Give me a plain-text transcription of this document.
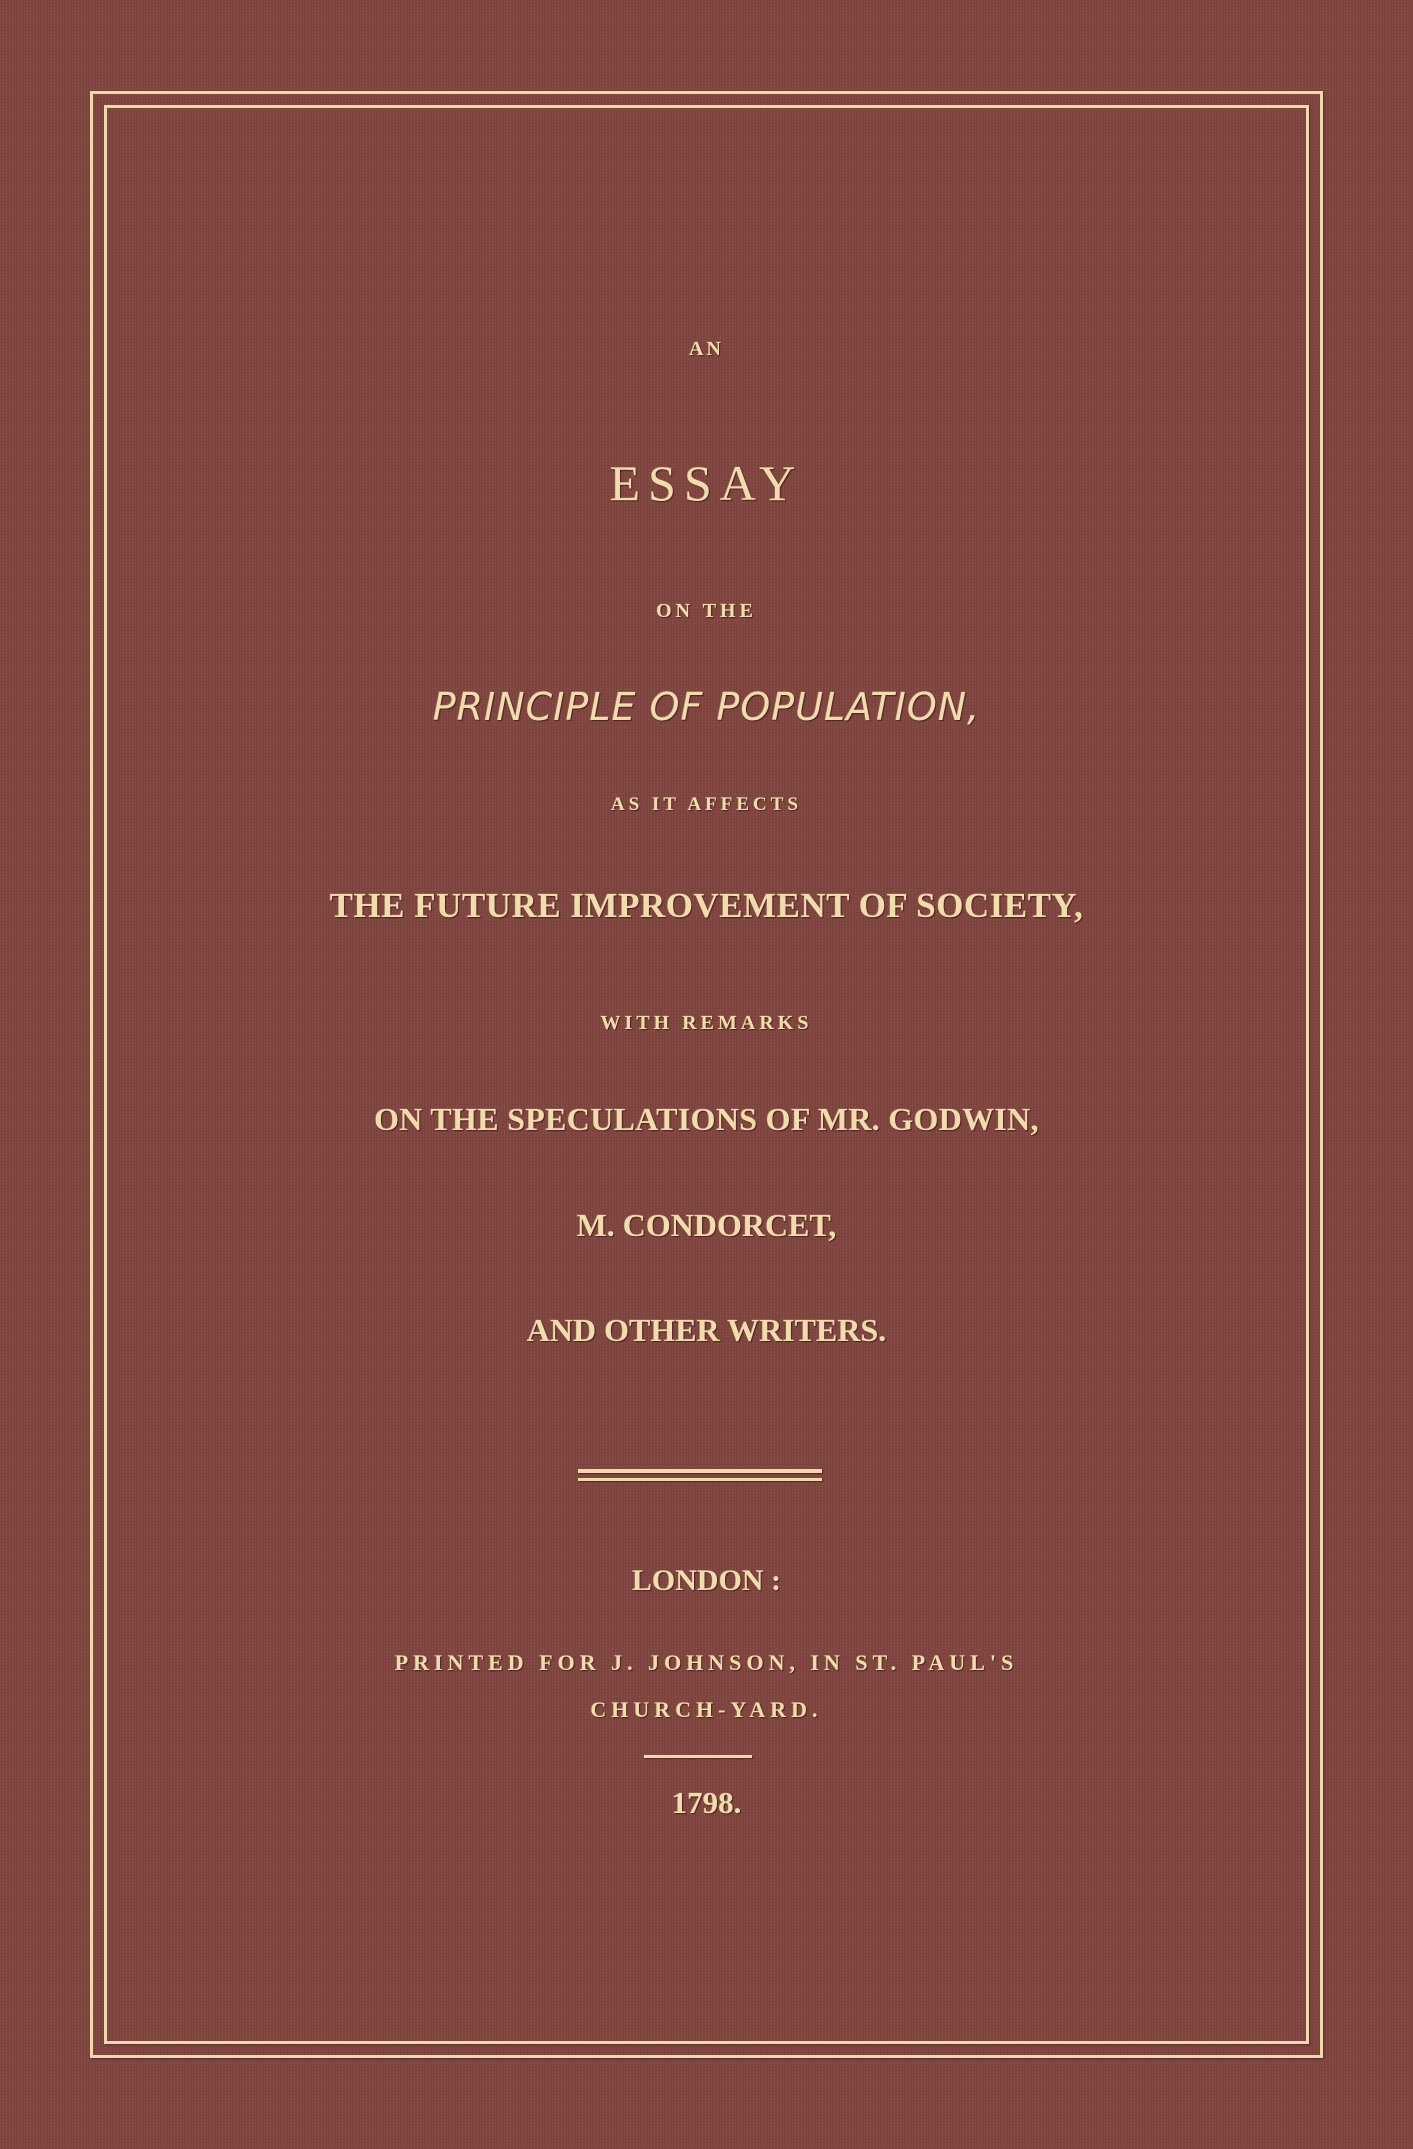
AN
ESSAY
ON THE
PRINCIPLE OF POPULATION,
AS IT AFFECTS
THE FUTURE IMPROVEMENT OF SOCIETY,
WITH REMARKS
ON THE SPECULATIONS OF MR. GODWIN,
M. CONDORCET,
AND OTHER WRITERS.
LONDON :
PRINTED FOR J. JOHNSON, IN ST. PAUL'S
CHURCH-YARD.
1798.
